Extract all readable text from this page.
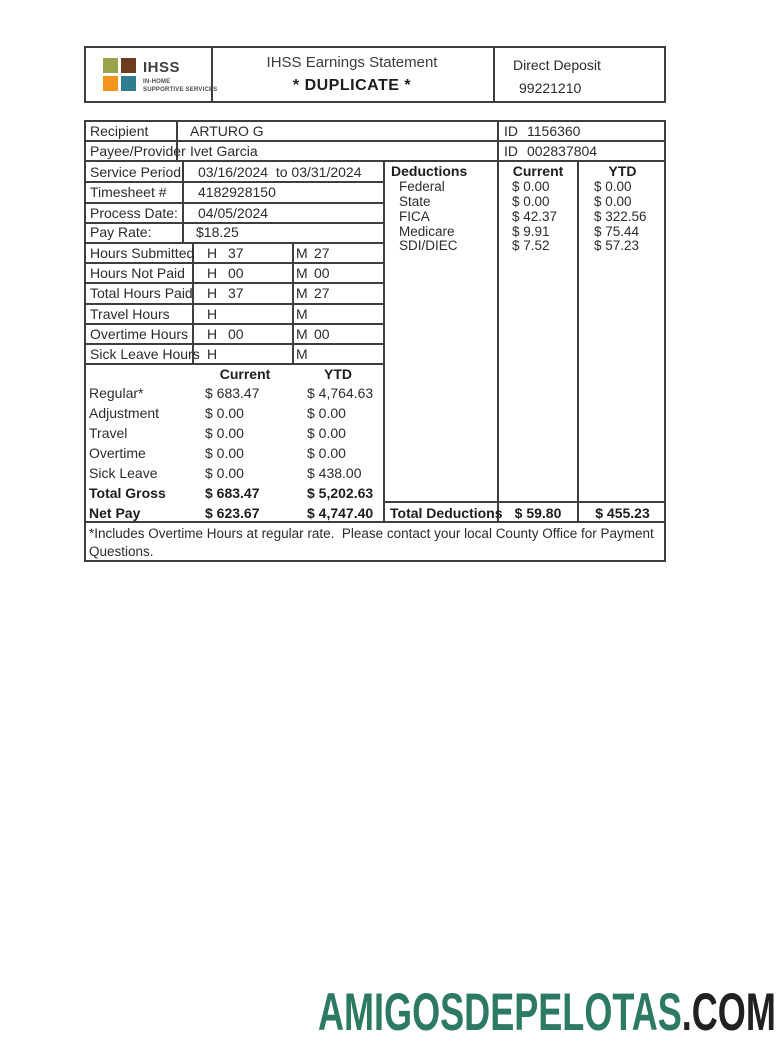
IHSS
IN-HOME
SUPPORTIVE SERVICES
IHSS Earnings Statement
* DUPLICATE *
Direct Deposit
99221210
Recipient	ARTURO G	ID 1156360
Payee/Provider Ivet Garcia	ID 002837804
Service Period: 03/16/2024  to 03/31/2024
Timesheet # 4182928150
Process Date: 04/05/2024
Pay Rate:	$18.25
Hours Submitted H 37	M 27
Hours Not Paid H 00	M 00
Total Hours Paid H 37	M 27
Travel Hours	H	M
Overtime Hours H 00	M 00
Sick Leave Hours H	M
Current	YTD
Regular*	$ 683.47	$ 4,764.63
Adjustment	$ 0.00	$ 0.00
Travel	$ 0.00	$ 0.00
Overtime	$ 0.00	$ 0.00
Sick Leave	$ 0.00	$ 438.00
Total Gross	$ 683.47	$ 5,202.63
Net Pay	$ 623.67	$ 4,747.40
Deductions	Current	YTD
Federal	$ 0.00	$ 0.00
State	$ 0.00	$ 0.00
FICA	$ 42.37	$ 322.56
Medicare	$ 9.91	$ 75.44
SDI/DIEC	$ 7.52	$ 57.23
Total Deductions $ 59.80	$ 455.23
*Includes Overtime Hours at regular rate.  Please contact your local County Office for Payment
Questions.
AMIGOSDEPELOTAS.COM
